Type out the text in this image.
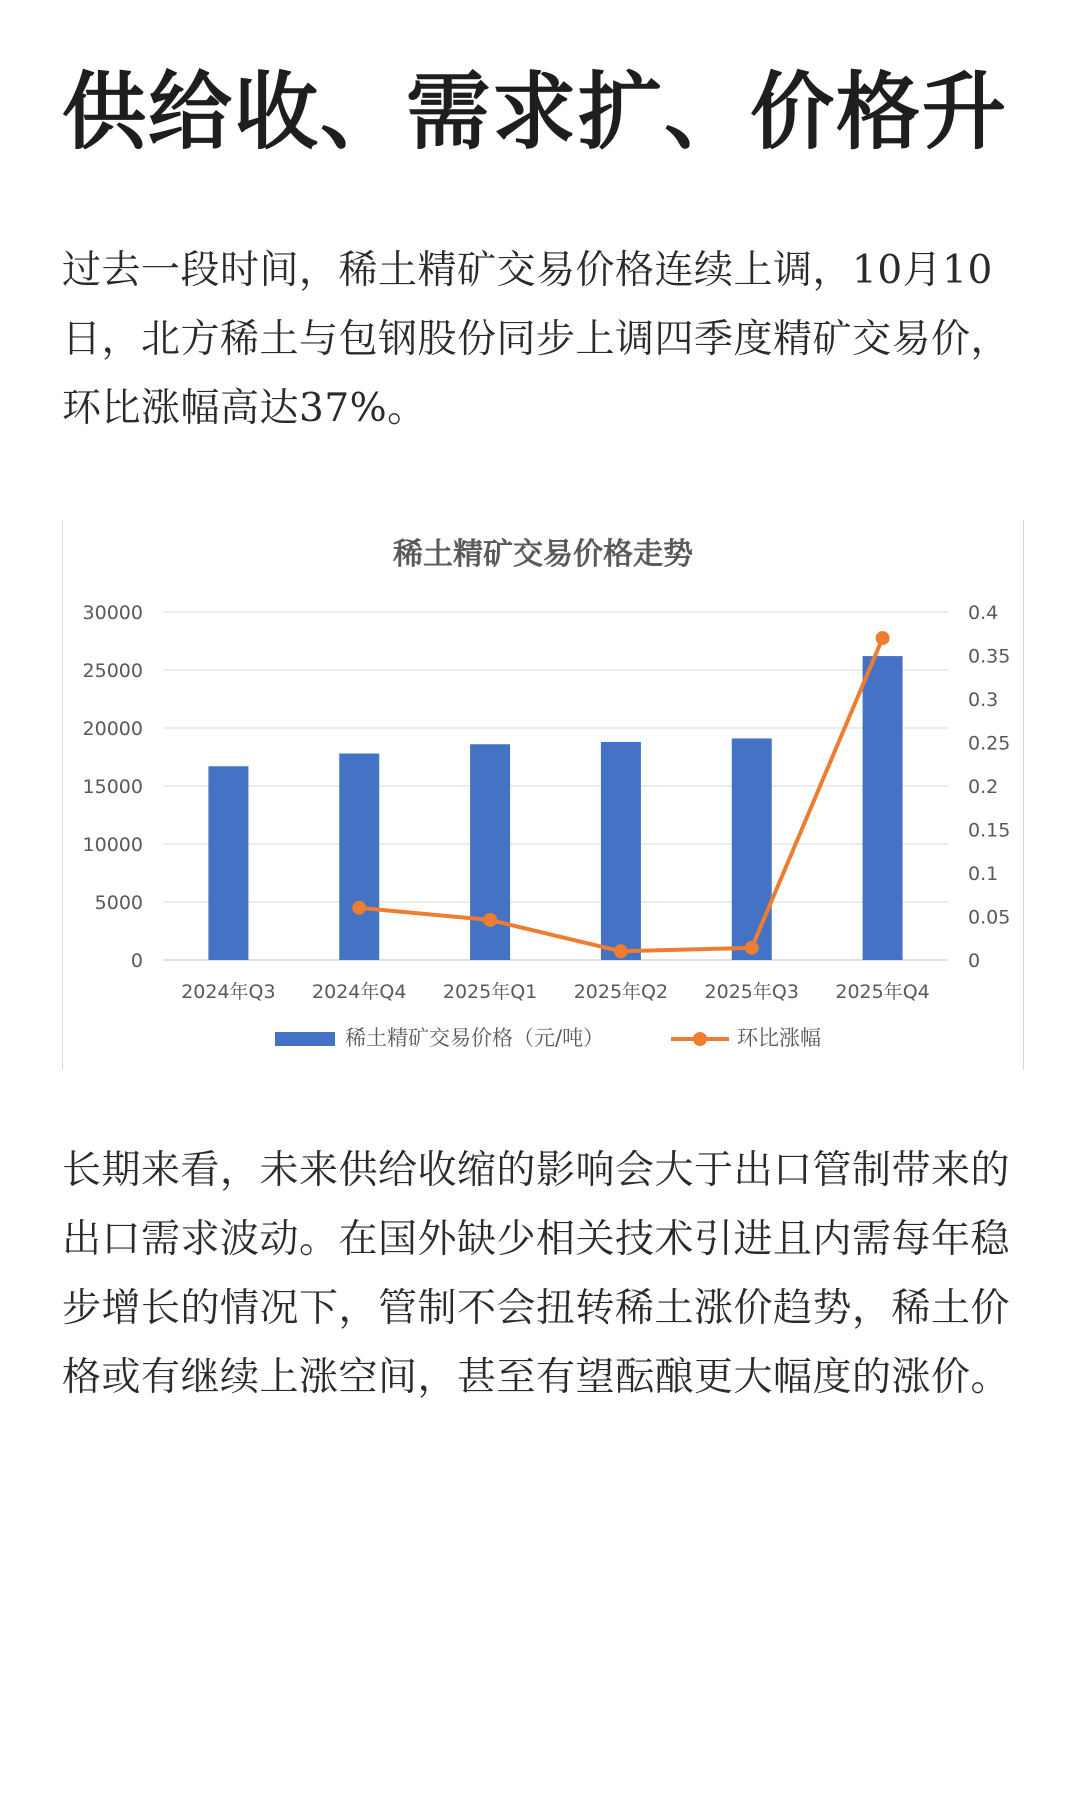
供给收、需求扩、价格升

过去一段时间，稀土精矿交易价格连续上调，10月10日，北方稀土与包钢股份同步上调四季度精矿交易价，环比涨幅高达37%。

长期来看，未来供给收缩的影响会大于出口管制带来的出口需求波动。在国外缺少相关技术引进且内需每年稳步增长的情况下，管制不会扭转稀土涨价趋势，稀土价格或有继续上涨空间，甚至有望酝酿更大幅度的涨价。

稀土精矿交易价格走势
0
5000
10000
15000
20000
25000
30000
0
0.05
0.1
0.15
0.2
0.25
0.3
0.35
0.4
2024年Q3 2024年Q4 2025年Q1 2025年Q2 2025年Q3 2025年Q4
稀土精矿交易价格（元/吨）	环比涨幅
